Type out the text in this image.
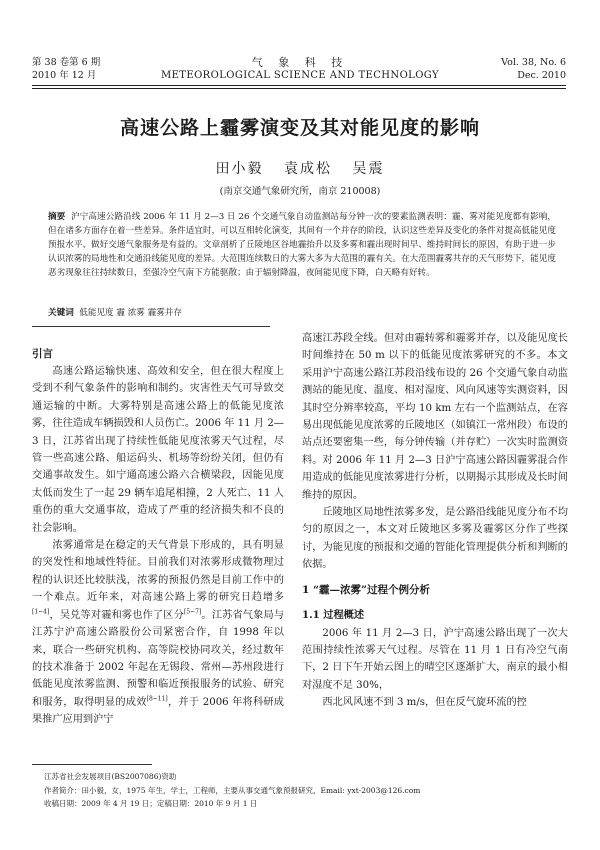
第 38 卷第 6 期
2010 年 12 月
气 象 科 技
METEOROLOGICAL SCIENCE AND TECHNOLOGY
Vol. 38, No. 6
Dec. 2010
高速公路上霾雾演变及其对能见度的影响
田小毅 袁成松 吴震
(南京交通气象研究所，南京 210008)
摘要 沪宁高速公路沿线 2006 年 11 月 2—3 日 26 个交通气象自动监测站每分钟一次的要素监测表明：霾、雾对能见度都有影响，但在诸多方面存在着一些差异。条件适宜时，可以互相转化演变，其间有一个并存的阶段，认识这些差异及变化的条件对提高低能见度预报水平、做好交通气象服务是有益的。文章剖析了丘陵地区谷地霾抬升以及多雾和霾出现时间早、维持时间长的原因，有助于进一步认识浓雾的局地性和交通沿线能见度的差异。大范围连续数日的大雾大多为大范围的霾有关。在大范围霾雾共存的天气形势下，能见度恶劣现象往往持续数日，至强冷空气南下方能驱散；由于辐射降温，夜间能见度下降，白天略有好转。
关键词 低能见度 霾 浓雾 霾雾并存
引言

高速公路运输快速、高效和安全，但在很大程度上受到不利气象条件的影响和制约。灾害性天气可导致交通运输的中断。大雾特别是高速公路上的低能见度浓雾，往往造成车辆损毁和人员伤亡。2006 年 11 月 2—3 日，江苏省出现了持续性低能见度浓雾天气过程，尽管一些高速公路、船运码头、机场等纷纷关闭，但仍有交通事故发生。如宁通高速公路六合横梁段，因能见度太低而发生了一起 29 辆车追尾相撞，2 人死亡、11 人重伤的重大交通事故，造成了严重的经济损失和不良的社会影响。

浓雾通常是在稳定的天气背景下形成的，具有明显的突发性和地域性特征。目前我们对浓雾形成微物理过程的认识还比较肤浅，浓雾的预报仍然是目前工作中的一个难点。近年来，对高速公路上雾的研究日趋增多[1~4]，吴兑等对霾和雾也作了区分[5~7]。江苏省气象局与江苏宁沪高速公路股份公司紧密合作，自 1998 年以来，联合一些研究机构、高等院校协同攻关，经过数年的技术准备于 2002 年起在无锡段、常州—苏州段进行低能见度浓雾监测、预警和临近预报服务的试验、研究和服务，取得明显的成效[8~11]，并于 2006 年将科研成果推广应用到沪宁

高速江苏段全线。但对由霾转雾和霾雾并存，以及能见度长时间维持在 50 m 以下的低能见度浓雾研究的不多。本文采用沪宁高速公路江苏段沿线布设的 26 个交通气象自动监测站的能见度、温度、相对湿度、风向风速等实测资料，因其时空分辨率较高，平均 10 km 左右一个监测站点，在容易出现低能见度浓雾的丘陵地区（如镇江一常州段）布设的站点还要密集一些，每分钟传输（并存贮）一次实时监测资料。对 2006 年 11 月 2—3 日沪宁高速公路因霾雾混合作用造成的低能见度浓雾进行分析，以期揭示其形成及长时间维持的原因。

丘陵地区局地性浓雾多发，是公路沿线能见度分布不均匀的原因之一，本文对丘陵地区多雾及霾雾区分作了些探讨，为能见度的预报和交通的智能化管理提供分析和判断的依据。

1 “霾—浓雾”过程个例分析

1.1 过程概述

2006 年 11 月 2—3 日，沪宁高速公路出现了一次大范围持续性浓雾天气过程。尽管在 11 月 1 日有冷空气南下，2 日下午开始云图上的晴空区逐渐扩大，南京的最小相对湿度不足 30%，

西北风风速不到 3 m/s，但在反气旋环流的控

江苏省社会发展项目(BS2007086)资助
作者简介：田小毅，女，1975 年生，学士，工程师，主要从事交通气象预报研究，Email: yxt-2003@126.com
收稿日期：2009 年 4 月 19 日；定稿日期：2010 年 9 月 1 日
